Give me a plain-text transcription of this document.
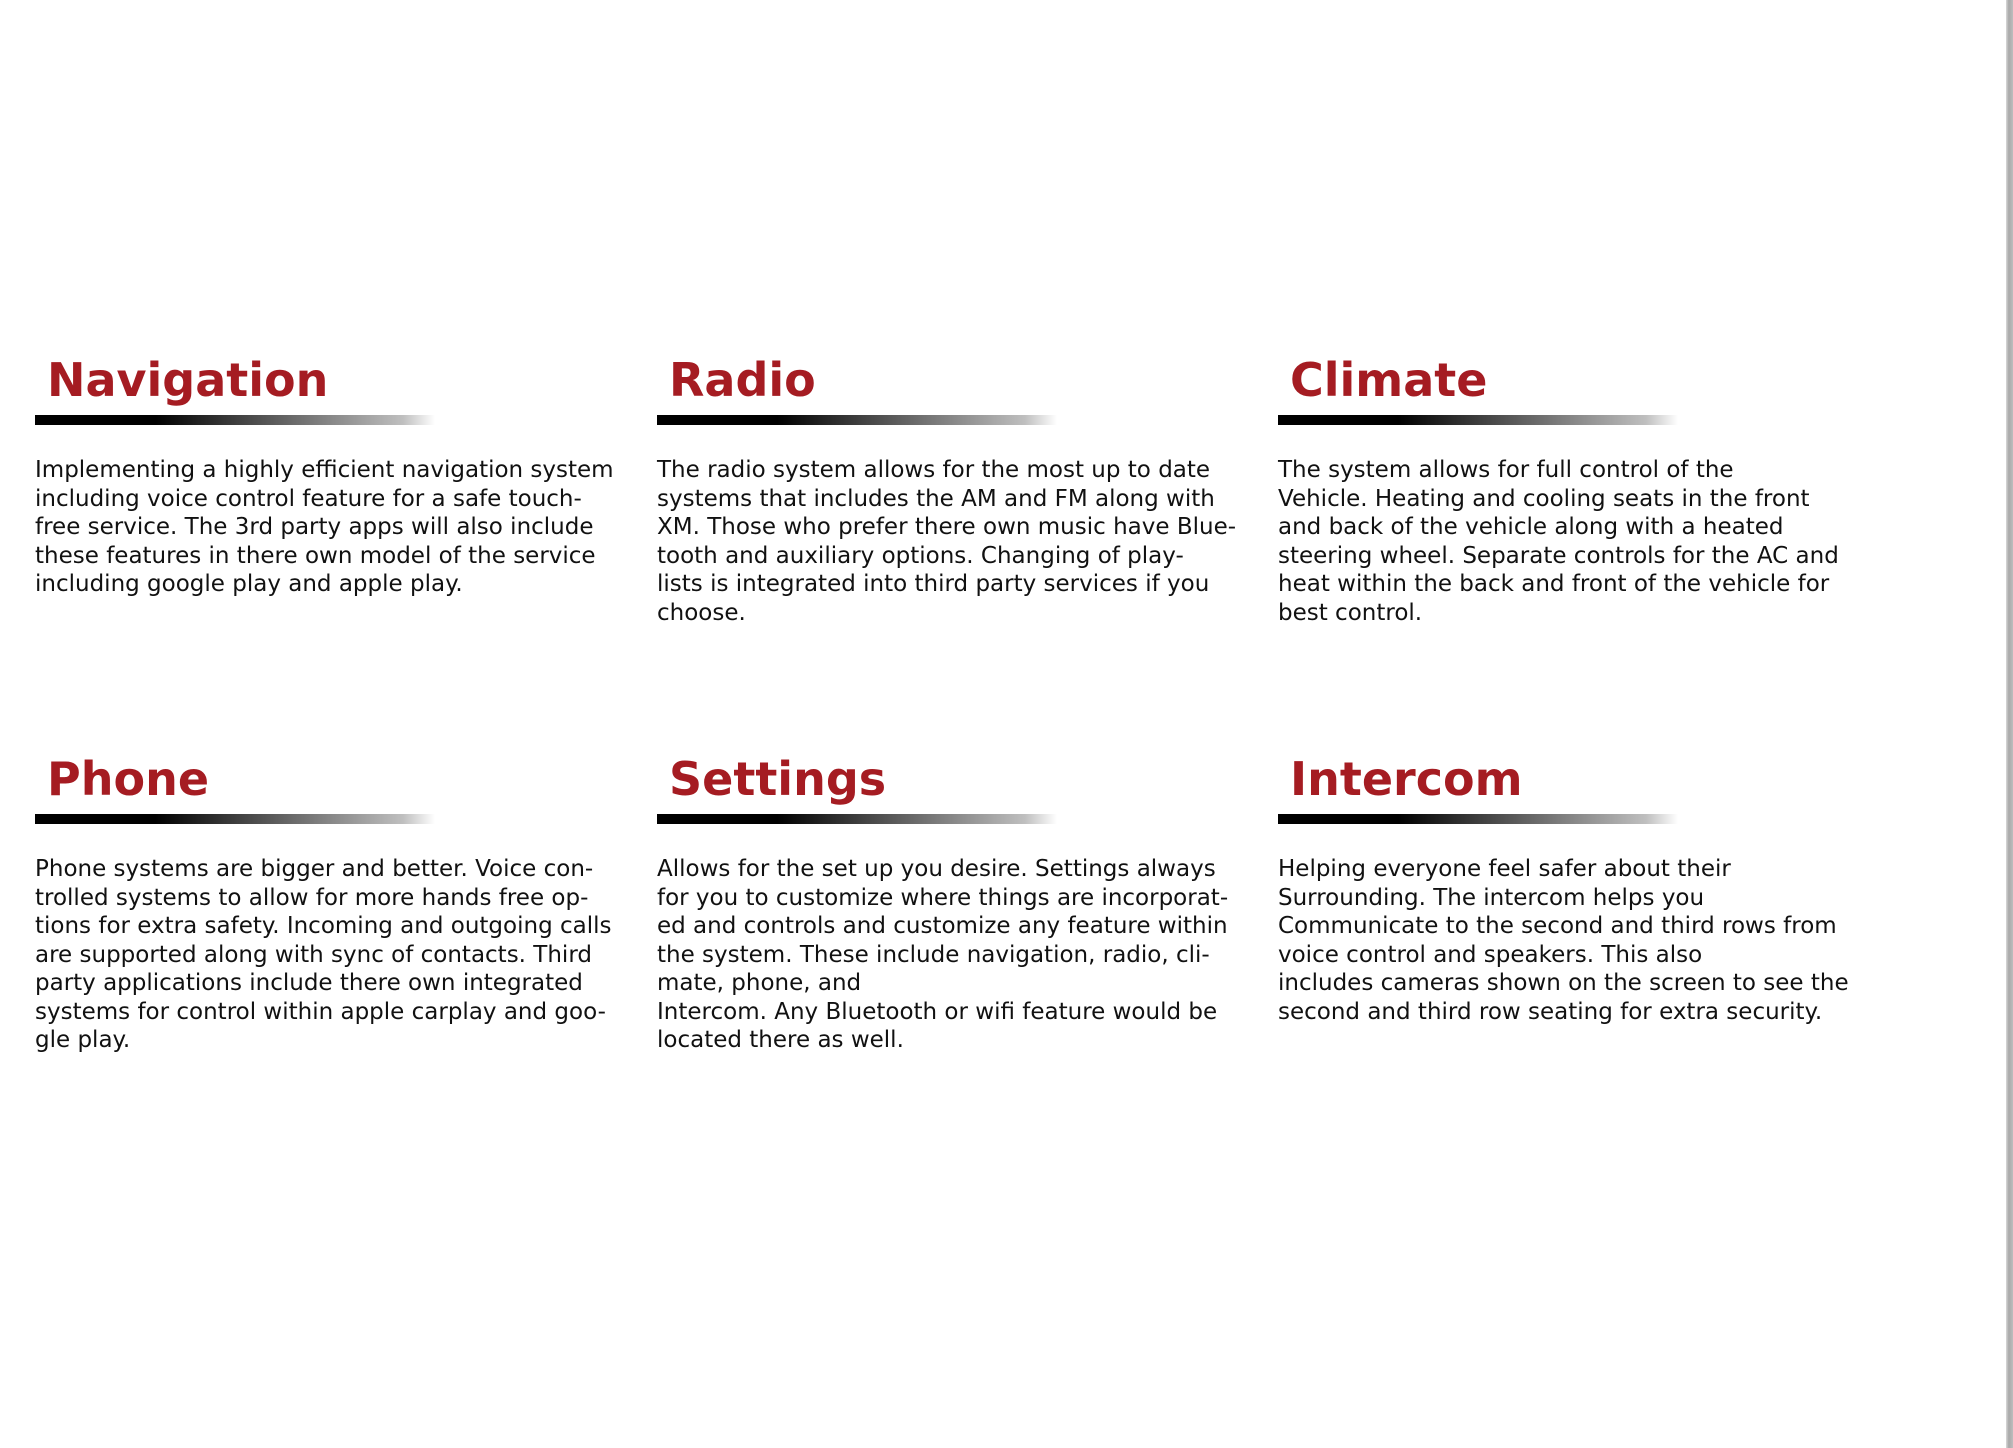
Navigation

Implementing a highly efficient navigation system
including voice control feature for a safe touch-
free service. The 3rd party apps will also include
these features in there own model of the service
including google play and apple play.

Radio

The radio system allows for the most up to date
systems that includes the AM and FM along with
XM. Those who prefer there own music have Blue-
tooth and auxiliary options. Changing of play-
lists is integrated into third party services if you
choose.

Climate

The system allows for full control of the
Vehicle. Heating and cooling seats in the front
and back of the vehicle along with a heated
steering wheel. Separate controls for the AC and
heat within the back and front of the vehicle for
best control.

Phone

Phone systems are bigger and better. Voice con-
trolled systems to allow for more hands free op-
tions for extra safety. Incoming and outgoing calls
are supported along with sync of contacts. Third
party applications include there own integrated
systems for control within apple carplay and goo-
gle play.

Settings

Allows for the set up you desire. Settings always
for you to customize where things are incorporat-
ed and controls and customize any feature within
the system. These include navigation, radio, cli-
mate, phone, and
Intercom. Any Bluetooth or wifi feature would be
located there as well.

Intercom

Helping everyone feel safer about their
Surrounding. The intercom helps you
Communicate to the second and third rows from
voice control and speakers. This also
includes cameras shown on the screen to see the
second and third row seating for extra security.
